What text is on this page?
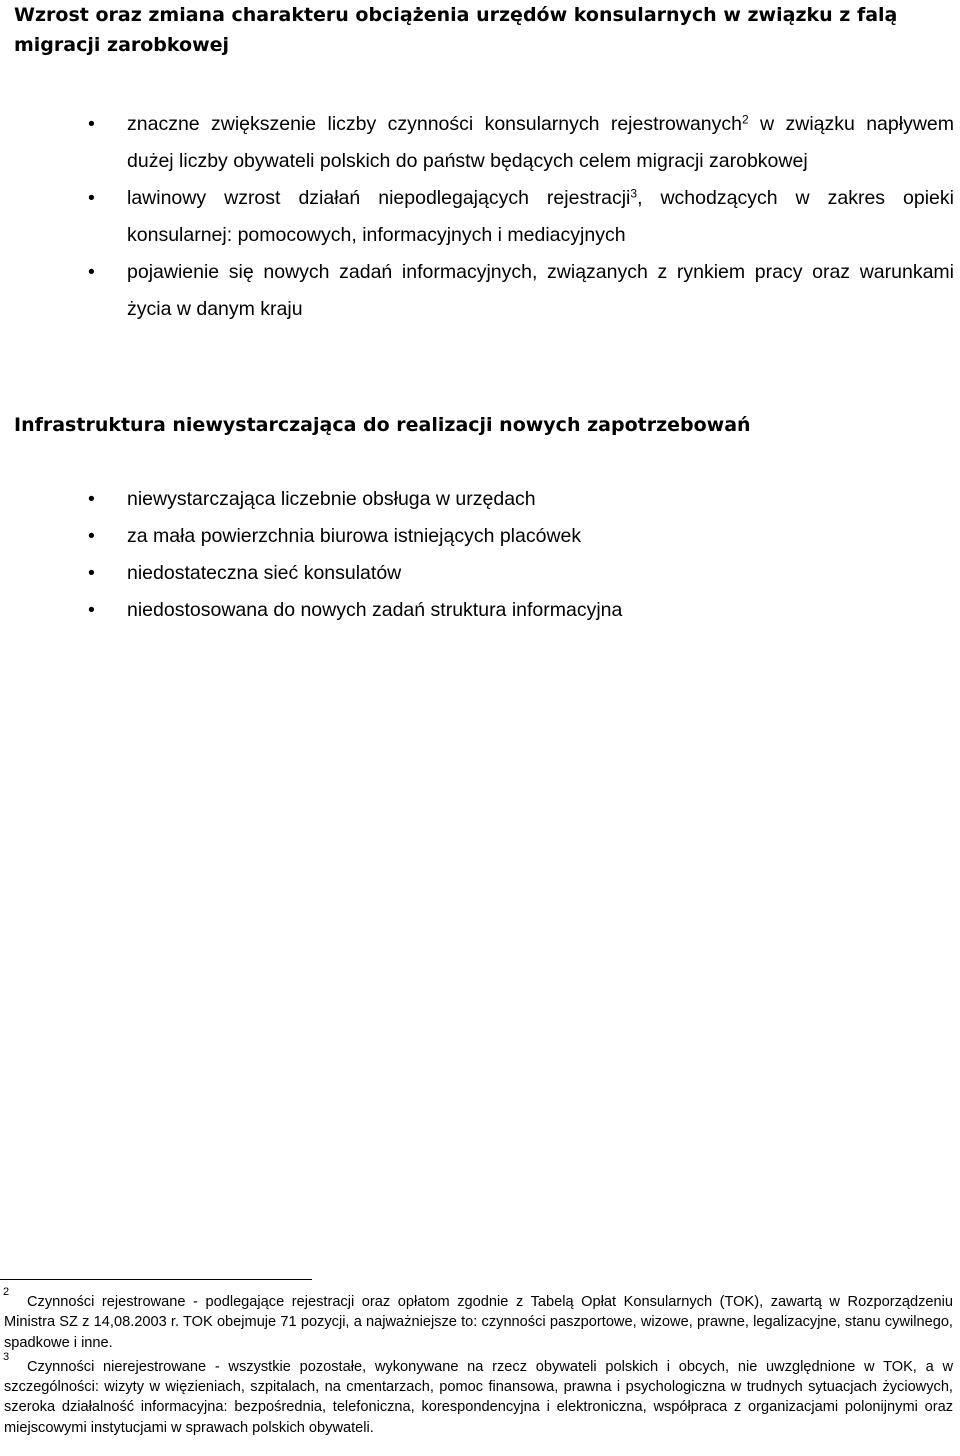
Wzrost oraz zmiana charakteru obciążenia urzędów konsularnych w związku z falą migracji zarobkowej
• znaczne zwiększenie liczby czynności konsularnych rejestrowanych$^2$ w związku napływem dużej liczby obywateli polskich do państw będących celem migracji zarobkowej
• lawinowy wzrost działań niepodlegających rejestracji$^3$, wchodzących w zakres opieki konsularnej: pomocowych, informacyjnych i mediacyjnych
• pojawienie się nowych zadań informacyjnych, związanych z rynkiem pracy oraz warunkami życia w danym kraju
Infrastruktura niewystarczająca do realizacji nowych zapotrzebowań
• niewystarczająca liczebnie obsługa w urzędach
• za mała powierzchnia biurowa istniejących placówek
• niedostateczna sieć konsulatów
• niedostosowana do nowych zadań struktura informacyjna

2
Czynności rejestrowane - podlegające rejestracji oraz opłatom zgodnie z Tabelą Opłat Konsularnych (TOK), zawartą w Rozporządzeniu Ministra SZ z 14,08.2003 r. TOK obejmuje 71 pozycji, a najważniejsze to: czynności paszportowe, wizowe, prawne, legalizacyjne, stanu cywilnego, spadkowe i inne.

3
Czynności nierejestrowane - wszystkie pozostałe, wykonywane na rzecz obywateli polskich i obcych, nie uwzględnione w TOK, a w szczególności: wizyty w więzieniach, szpitalach, na cmentarzach, pomoc finansowa, prawna i psychologiczna w trudnych sytuacjach życiowych, szeroka działalność informacyjna: bezpośrednia, telefoniczna, korespondencyjna i elektroniczna, współpraca z organizacjami polonijnymi oraz miejscowymi instytucjami w sprawach polskich obywateli.
